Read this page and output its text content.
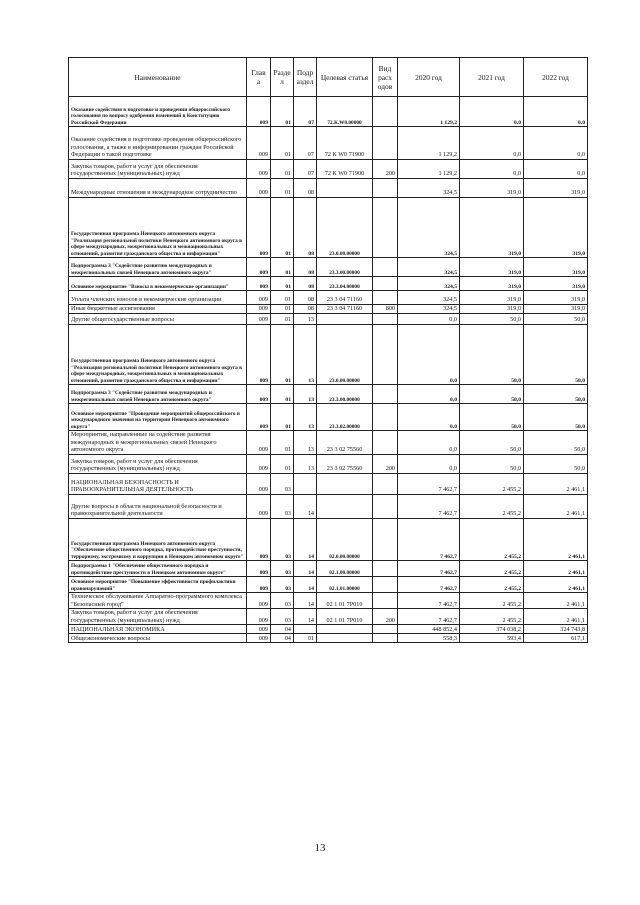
Наименование	Глав а	Разде л	Подр аздел	Целевая статья	Вид расх одов	2020 год	2021 год	2022 год
Оказание содействия в подготовке и проведении общероссийского голосования по вопросу одобрения изменений в Конституцию Российской Федерации	009	01	07	72.К.W0.00000		1 129,2	0,0	0,0
Оказание содействия в подготовке проведения общероссийского голосования, а также в информировании граждан Российской Федерации о такой подготовке	009	01	07	72 К W0 71900		1 129,2	0,0	0,0
Закупка товаров, работ и услуг для обеспечения государственных (муниципальных) нужд	009	01	07	72 К W0 71900	200	1 129,2	0,0	0,0
Международные отношения и международное сотрудничество	009	01	08			324,5	319,0	319,0
Государственная программа Ненецкого автономного округа "Реализация региональной политики Ненецкого автономного округа в сфере международных, межрегиональных и межнациональных отношений, развития гражданского общества и информации"	009	01	08	23.0.00.00000		324,5	319,0	319,0
Подпрограмма 3 "Содействие развитию международных и межрегиональных связей Ненецкого автономного округа"	009	01	08	23.3.00.00000		324,5	319,0	319,0
Основное мероприятие "Взносы в некоммерческие организации"	009	01	08	23.3.04.00000		324,5	319,0	319,0
Уплата членских взносов в некоммерческие организации	009	01	08	23 3 04 71160		324,5	319,0	319,0
Иные бюджетные ассигнования	009	01	08	23 3 04 71160	800	324,5	319,0	319,0
Другие общегосударственные вопросы	009	01	13			0,0	50,0	50,0
Государственная программа Ненецкого автономного округа "Реализация региональной политики Ненецкого автономного округа в сфере международных, межрегиональных и межнациональных отношений, развития гражданского общества и информации"	009	01	13	23.0.00.00000		0,0	50,0	50,0
Подпрограмма 3 "Содействие развитию международных и межрегиональных связей Ненецкого автономного округа"	009	01	13	23.3.00.00000		0,0	50,0	50,0
Основное мероприятие "Проведение мероприятий общероссийского и международного значения на территории Ненецкого автономного округа"	009	01	13	23.3.02.00000		0,0	50,0	50,0
Мероприятия, направленные на содействие развития международных и межрегиональных связей Ненецкого автономного округа	009	01	13	23 3 02 75560		0,0	50,0	50,0
Закупка товаров, работ и услуг для обеспечения государственных (муниципальных) нужд	009	01	13	23 3 02 75560	200	0,0	50,0	50,0
НАЦИОНАЛЬНАЯ БЕЗОПАСНОСТЬ И ПРАВООХРАНИТЕЛЬНАЯ ДЕЯТЕЛЬНОСТЬ	009	03				7 462,7	2 455,2	2 461,1
Другие вопросы в области национальной безопасности и правоохранительной деятельности	009	03	14			7 462,7	2 455,2	2 461,1
Государственная программа Ненецкого автономного округа "Обеспечение общественного порядка, противодействие преступности, терроризму, экстремизму и коррупции в Ненецком автономном округе"	009	03	14	02.0.00.00000		7 462,7	2 455,2	2 461,1
Подпрограмма 1 "Обеспечение общественного порядка и противодействие преступности в Ненецком автономном округе"	009	03	14	02.1.00.00000		7 462,7	2 455,2	2 461,1
Основное мероприятие "Повышение эффективности профилактики правонарушений"	009	03	14	02.1.01.00000		7 462,7	2 455,2	2 461,1
Техническое обслуживание Аппаратно-программного комплекса "Безопасный город"	009	03	14	02 1 01 7Р010		7 462,7	2 455,2	2 461,1
Закупка товаров, работ и услуг для обеспечения государственных (муниципальных) нужд	009	03	14	02 1 01 7Р010	200	7 462,7	2 455,2	2 461,1
НАЦИОНАЛЬНАЯ ЭКОНОМИКА	009	04				448 852,4	374 038,2	324 743,8
Общеэкономические вопросы	009	04	01			558,3	593,4	617,1
13
